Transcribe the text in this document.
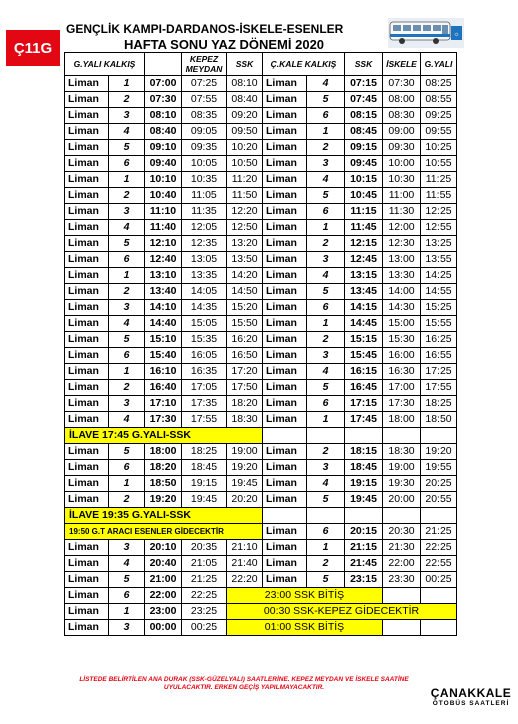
Ç11G
GENÇLİK KAMPI-DARDANOS-İSKELE-ESENLER
HAFTA SONU YAZ DÖNEMİ 2020
☼
G.YALI KALKIŞ			KEPEZ MEYDAN	SSK	Ç.KALE KALKIŞ		SSK	İSKELE	G.YALI
Liman	1	07:00	07:25	08:10	Liman	4	07:15	07:30	08:25
Liman	2	07:30	07:55	08:40	Liman	5	07:45	08:00	08:55
Liman	3	08:10	08:35	09:20	Liman	6	08:15	08:30	09:25
Liman	4	08:40	09:05	09:50	Liman	1	08:45	09:00	09:55
Liman	5	09:10	09:35	10:20	Liman	2	09:15	09:30	10:25
Liman	6	09:40	10:05	10:50	Liman	3	09:45	10:00	10:55
Liman	1	10:10	10:35	11:20	Liman	4	10:15	10:30	11:25
Liman	2	10:40	11:05	11:50	Liman	5	10:45	11:00	11:55
Liman	3	11:10	11:35	12:20	Liman	6	11:15	11:30	12:25
Liman	4	11:40	12:05	12:50	Liman	1	11:45	12:00	12:55
Liman	5	12:10	12:35	13:20	Liman	2	12:15	12:30	13:25
Liman	6	12:40	13:05	13:50	Liman	3	12:45	13:00	13:55
Liman	1	13:10	13:35	14:20	Liman	4	13:15	13:30	14:25
Liman	2	13:40	14:05	14:50	Liman	5	13:45	14:00	14:55
Liman	3	14:10	14:35	15:20	Liman	6	14:15	14:30	15:25
Liman	4	14:40	15:05	15:50	Liman	1	14:45	15:00	15:55
Liman	5	15:10	15:35	16:20	Liman	2	15:15	15:30	16:25
Liman	6	15:40	16:05	16:50	Liman	3	15:45	16:00	16:55
Liman	1	16:10	16:35	17:20	Liman	4	16:15	16:30	17:25
Liman	2	16:40	17:05	17:50	Liman	5	16:45	17:00	17:55
Liman	3	17:10	17:35	18:20	Liman	6	17:15	17:30	18:25
Liman	4	17:30	17:55	18:30	Liman	1	17:45	18:00	18:50
İLAVE 17:45 G.YALI-SSK									
Liman	5	18:00	18:25	19:00	Liman	2	18:15	18:30	19:20
Liman	6	18:20	18:45	19:20	Liman	3	18:45	19:00	19:55
Liman	1	18:50	19:15	19:45	Liman	4	19:15	19:30	20:25
Liman	2	19:20	19:45	20:20	Liman	5	19:45	20:00	20:55
İLAVE 19:35 G.YALI-SSK									
19:50 G.T ARACI ESENLER GİDECEKTİR					Liman	6	20:15	20:30	21:25
Liman	3	20:10	20:35	21:10	Liman	1	21:15	21:30	22:25
Liman	4	20:40	21:05	21:40	Liman	2	21:45	22:00	22:55
Liman	5	21:00	21:25	22:20	Liman	5	23:15	23:30	00:25
Liman	6	22:00	22:25	23:00 SSK BİTİŞ					
Liman	1	23:00	23:25	00:30 SSK-KEPEZ GİDECEKTİR					
Liman	3	00:00	00:25	01:00 SSK BİTİŞ					
LİSTEDE BELİRTİLEN ANA DURAK (SSK-GÜZELYALI) SAATLERİNE. KEPEZ MEYDAN VE İSKELE SAATİNE UYULACAKTIR. ERKEN GEÇİŞ YAPILMAYACAKTIR.	ÇANAKKALE
OTOBÜS SAATLERİ
